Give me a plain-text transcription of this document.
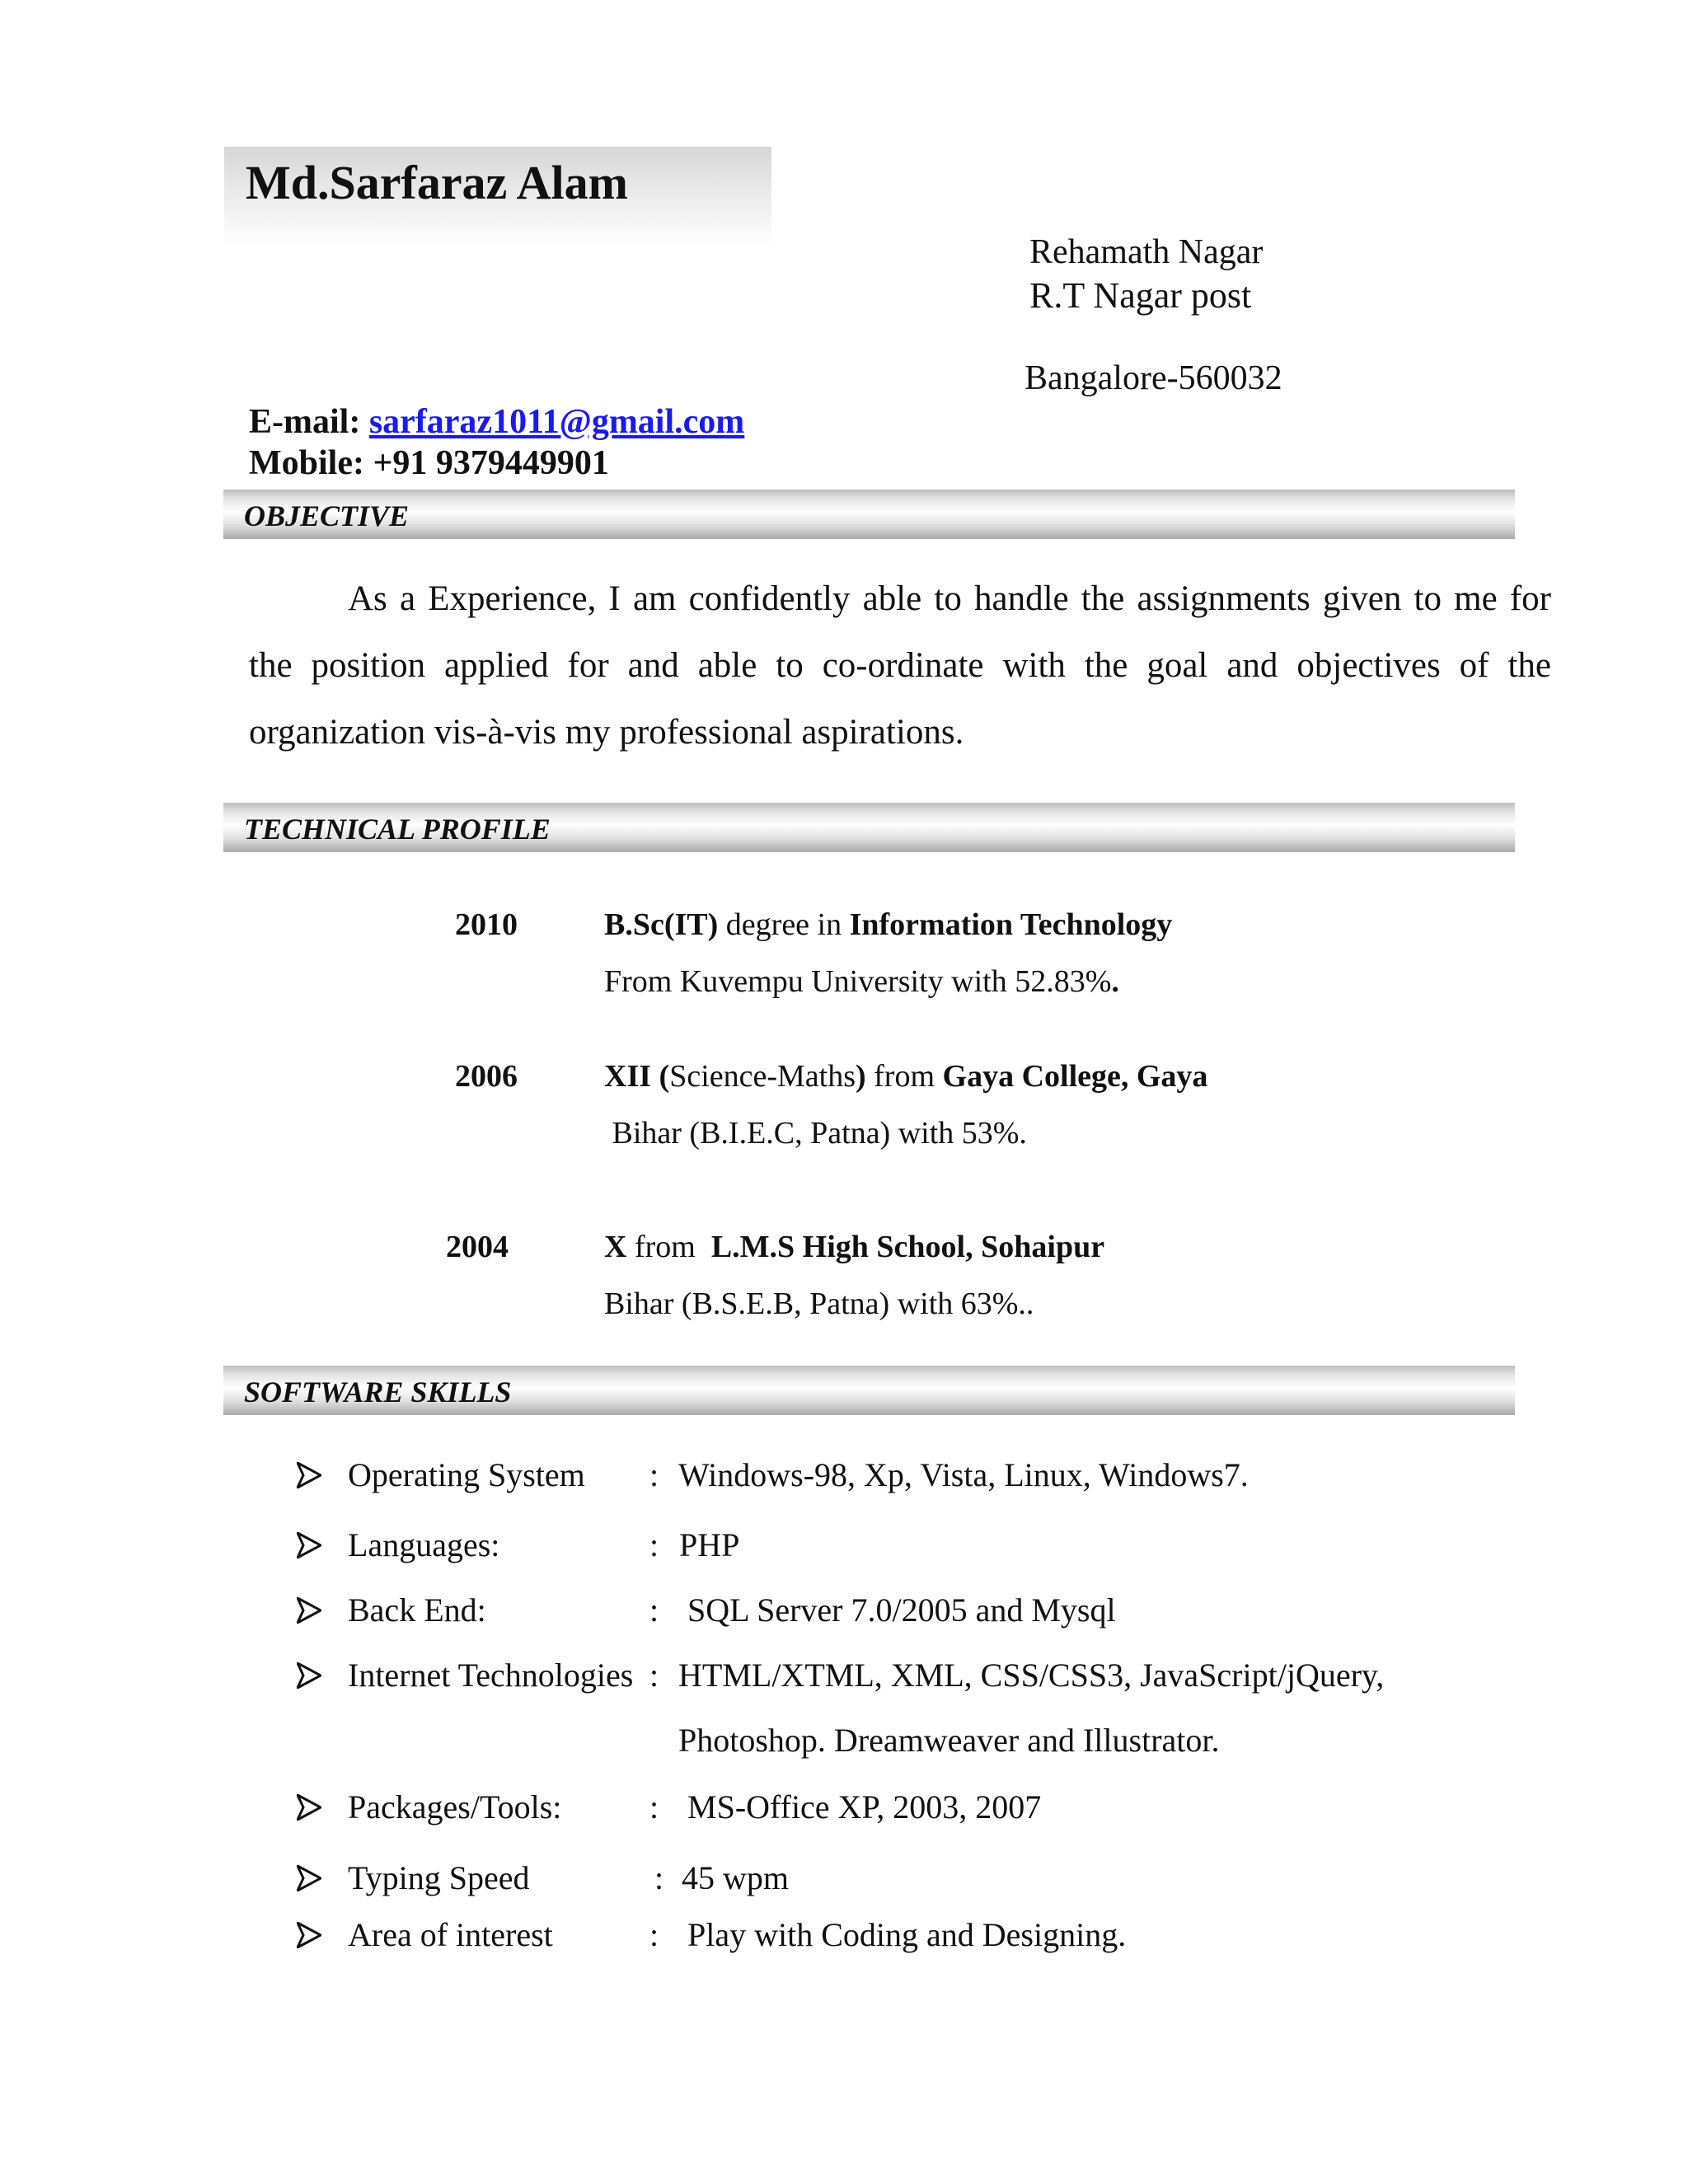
Md.Sarfaraz Alam
Rehamath Nagar
R.T Nagar post
Bangalore-560032
E-mail: sarfaraz1011@gmail.com
Mobile: +91 9379449901
OBJECTIVE

As a Experience, I am confidently able to handle the assignments given to me for the position applied for and able to co-ordinate with the goal and objectives of the organization vis-à-vis my professional aspirations.

TECHNICAL PROFILE
2010	B.Sc(IT) degree in Information Technology
From Kuvempu University with 52.83%.
2006	XII (Science-Maths) from Gaya College, Gaya
Bihar (B.I.E.C, Patna) with 53%.
2004	X from  L.M.S High School, Sohaipur
Bihar (B.S.E.B, Patna) with 63%..
SOFTWARE SKILLS
Operating System : Windows-98, Xp, Vista, Linux, Windows7.
Languages:	: PHP
Back End:	: SQL Server 7.0/2005 and Mysql
Internet Technologies : HTML/XTML, XML, CSS/CSS3, JavaScript/jQuery,
Photoshop. Dreamweaver and Illustrator.
Packages/Tools:	: MS-Office XP, 2003, 2007
Typing Speed	: 45 wpm
Area of interest	: Play with Coding and Designing.
